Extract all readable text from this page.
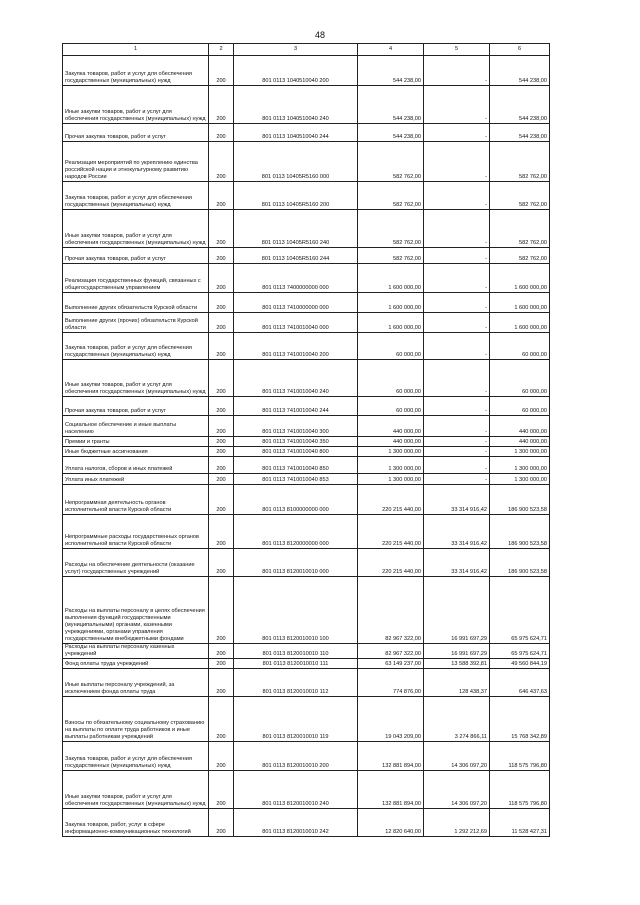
48
1	2	3	4	5	6
Закупка товаров, работ и услуг для обеспечения государственных (муниципальных) нужд	200	801 0113 1040510040 200	544 238,00	-	544 238,00
Иные закупки товаров, работ и услуг для обеспечения государственных (муниципальных) нужд	200	801 0113 1040510040 240	544 238,00	-	544 238,00
Прочая закупка товаров, работ и услуг	200	801 0113 1040510040 244	544 238,00	-	544 238,00
Реализация мероприятий по укреплению единства российской нации и этнокультурному развитию народов России	200	801 0113 10405R5160 000	582 762,00	-	582 762,00
Закупка товаров, работ и услуг для обеспечения государственных (муниципальных) нужд	200	801 0113 10405R5160 200	582 762,00	-	582 762,00
Иные закупки товаров, работ и услуг для обеспечения государственных (муниципальных) нужд	200	801 0113 10405R5160 240	582 762,00	-	582 762,00
Прочая закупка товаров, работ и услуг	200	801 0113 10405R5160 244	582 762,00	-	582 762,00
Реализация государственных функций, связанных с общегосударственным управлением	200	801 0113 7400000000 000	1 600 000,00	-	1 600 000,00
Выполнение других обязательств Курской области	200	801 0113 7410000000 000	1 600 000,00	-	1 600 000,00
Выполнение других (прочих) обязательств Курской области	200	801 0113 7410010040 000	1 600 000,00	-	1 600 000,00
Закупка товаров, работ и услуг для обеспечения государственных (муниципальных) нужд	200	801 0113 7410010040 200	60 000,00	-	60 000,00
Иные закупки товаров, работ и услуг для обеспечения государственных (муниципальных) нужд	200	801 0113 7410010040 240	60 000,00	-	60 000,00
Прочая закупка товаров, работ и услуг	200	801 0113 7410010040 244	60 000,00	-	60 000,00
Социальное обеспечение и иные выплаты населению	200	801 0113 7410010040 300	440 000,00	-	440 000,00
Премии и гранты	200	801 0113 7410010040 350	440 000,00	-	440 000,00
Иные бюджетные ассигнования	200	801 0113 7410010040 800	1 300 000,00	-	1 300 000,00
Уплата налогов, сборов и иных платежей	200	801 0113 7410010040 850	1 300 000,00	-	1 300 000,00
Уплата иных платежей	200	801 0113 7410010040 853	1 300 000,00	-	1 300 000,00
Непрограммная деятельность органов исполнительной власти Курской области	200	801 0113 8100000000 000	220 215 440,00	33 314 916,42	186 900 523,58
Непрограммные расходы государственных органов исполнительной власти Курской области	200	801 0113 8120000000 000	220 215 440,00	33 314 916,42	186 900 523,58
Расходы на обеспечение деятельности (оказание услуг) государственных учреждений	200	801 0113 8120010010 000	220 215 440,00	33 314 916,42	186 900 523,58
Расходы на выплаты персоналу в целях обеспечения выполнения функций государственными (муниципальными) органами, казенными учреждениями, органами управления государственными внебюджетными фондами	200	801 0113 8120010010 100	82 967 322,00	16 991 697,29	65 975 624,71
Расходы на выплаты персоналу казенных учреждений	200	801 0113 8120010010 110	82 967 322,00	16 991 697,29	65 975 624,71
Фонд оплаты труда учреждений	200	801 0113 8120010010 111	63 149 237,00	13 588 392,81	49 560 844,19
Иные выплаты персоналу учреждений, за исключением фонда оплаты труда	200	801 0113 8120010010 112	774 876,00	128 438,37	646 437,63
Взносы по обязательному социальному страхованию на выплаты по оплате труда работников и иные выплаты работникам учреждений	200	801 0113 8120010010 119	19 043 209,00	3 274 866,11	15 768 342,89
Закупка товаров, работ и услуг для обеспечения государственных (муниципальных) нужд	200	801 0113 8120010010 200	132 881 894,00	14 306 097,20	118 575 796,80
Иные закупки товаров, работ и услуг для обеспечения государственных (муниципальных) нужд	200	801 0113 8120010010 240	132 881 894,00	14 306 097,20	118 575 796,80
Закупка товаров, работ, услуг в сфере информационно-коммуникационных технологий	200	801 0113 8120010010 242	12 820 640,00	1 292 212,69	11 528 427,31
